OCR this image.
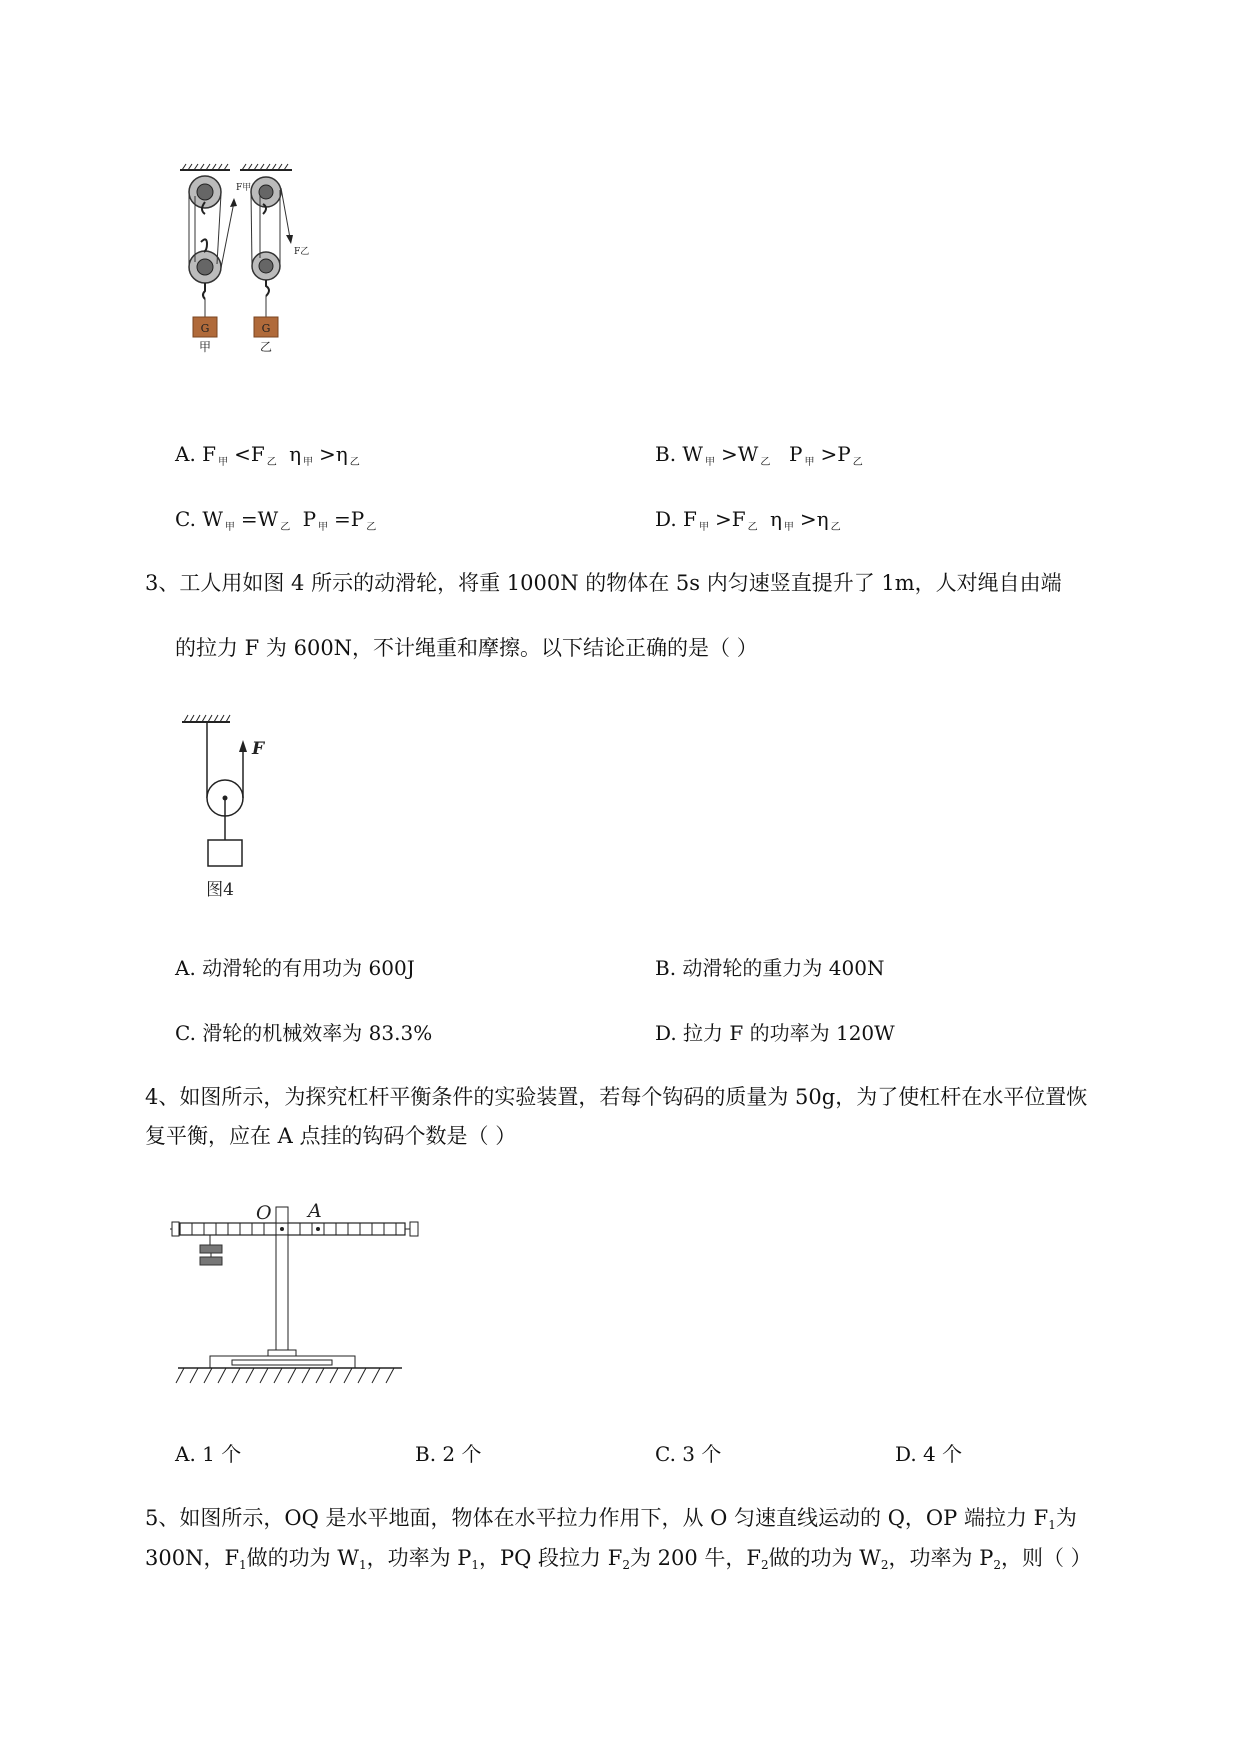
G
F甲
甲
G
F乙
乙
A. F $_甲$ <F $_乙$ η $_甲$ >η $_乙$	B. W $_甲$ >W $_乙$ P $_甲$ >P $_乙$
C. W $_甲$ =W $_乙$ P $_甲$ =P $_乙$	D. F $_甲$ >F $_乙$ η $_甲$ >η $_乙$
3、工人用如图 4 所示的动滑轮，将重 1000N 的物体在 5s 内匀速竖直提升了 1m，人对绳自由端
的拉力 F 为 600N，不计绳重和摩擦。以下结论正确的是（ ）
F
图4
A. 动滑轮的有用功为 600J	B. 动滑轮的重力为 400N
C. 滑轮的机械效率为 83.3%	D. 拉力 F 的功率为 120W
4、如图所示，为探究杠杆平衡条件的实验装置，若每个钩码的质量为 50g，为了使杠杆在水平位置恢
复平衡，应在 A 点挂的钩码个数是（ ）
O A
A. 1 个	B. 2 个	C. 3 个	D. 4 个
5、如图所示，OQ 是水平地面，物体在水平拉力作用下，从 O 匀速直线运动的 Q，OP 端拉力 $F_1$为
300N，$F_1$做的功为 $W_1$，功率为 $P_1$，PQ 段拉力 $F_2$为 200 牛，$F_2$做的功为 $W_2$，功率为 $P_2$，则（ ）
